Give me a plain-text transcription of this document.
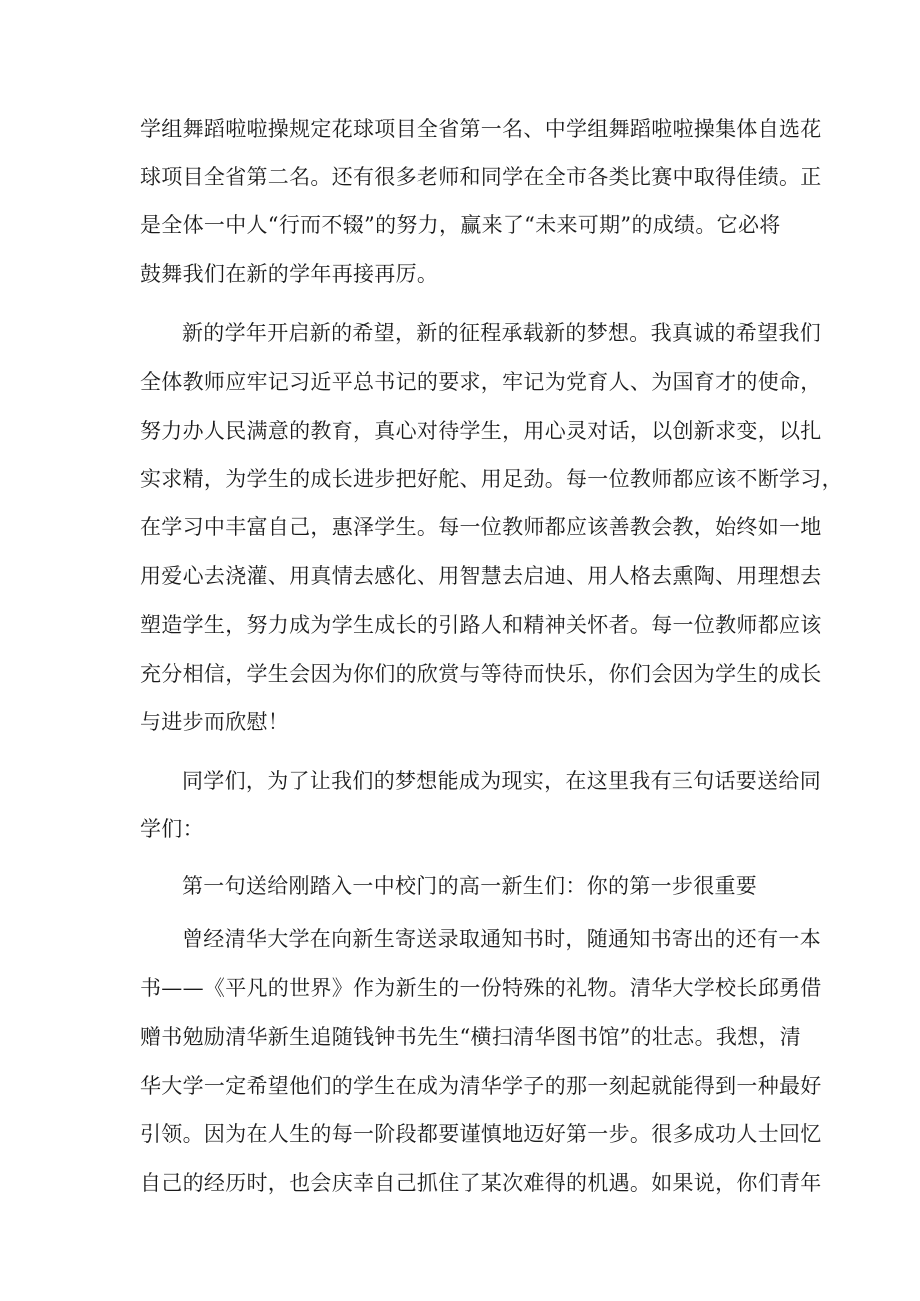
学组舞蹈啦啦操规定花球项目全省第一名、中学组舞蹈啦啦操集体自选花
球项目全省第二名。还有很多老师和同学在全市各类比赛中取得佳绩。正
是全体一中人“行而不辍”的努力，赢来了“未来可期”的成绩。它必将
鼓舞我们在新的学年再接再厉。
新的学年开启新的希望，新的征程承载新的梦想。我真诚的希望我们
全体教师应牢记习近平总书记的要求，牢记为党育人、为国育才的使命，
努力办人民满意的教育，真心对待学生，用心灵对话，以创新求变，以扎
实求精，为学生的成长进步把好舵、用足劲。每一位教师都应该不断学习，
在学习中丰富自己，惠泽学生。每一位教师都应该善教会教，始终如一地
用爱心去浇灌、用真情去感化、用智慧去启迪、用人格去熏陶、用理想去
塑造学生，努力成为学生成长的引路人和精神关怀者。每一位教师都应该
充分相信，学生会因为你们的欣赏与等待而快乐，你们会因为学生的成长
与进步而欣慰！
同学们，为了让我们的梦想能成为现实，在这里我有三句话要送给同
学们：
第一句送给刚踏入一中校门的高一新生们：你的第一步很重要
曾经清华大学在向新生寄送录取通知书时，随通知书寄出的还有一本
书——《平凡的世界》作为新生的一份特殊的礼物。清华大学校长邱勇借
赠书勉励清华新生追随钱钟书先生“横扫清华图书馆”的壮志。我想，清
华大学一定希望他们的学生在成为清华学子的那一刻起就能得到一种最好
引领。因为在人生的每一阶段都要谨慎地迈好第一步。很多成功人士回忆
自己的经历时，也会庆幸自己抓住了某次难得的机遇。如果说，你们青年
